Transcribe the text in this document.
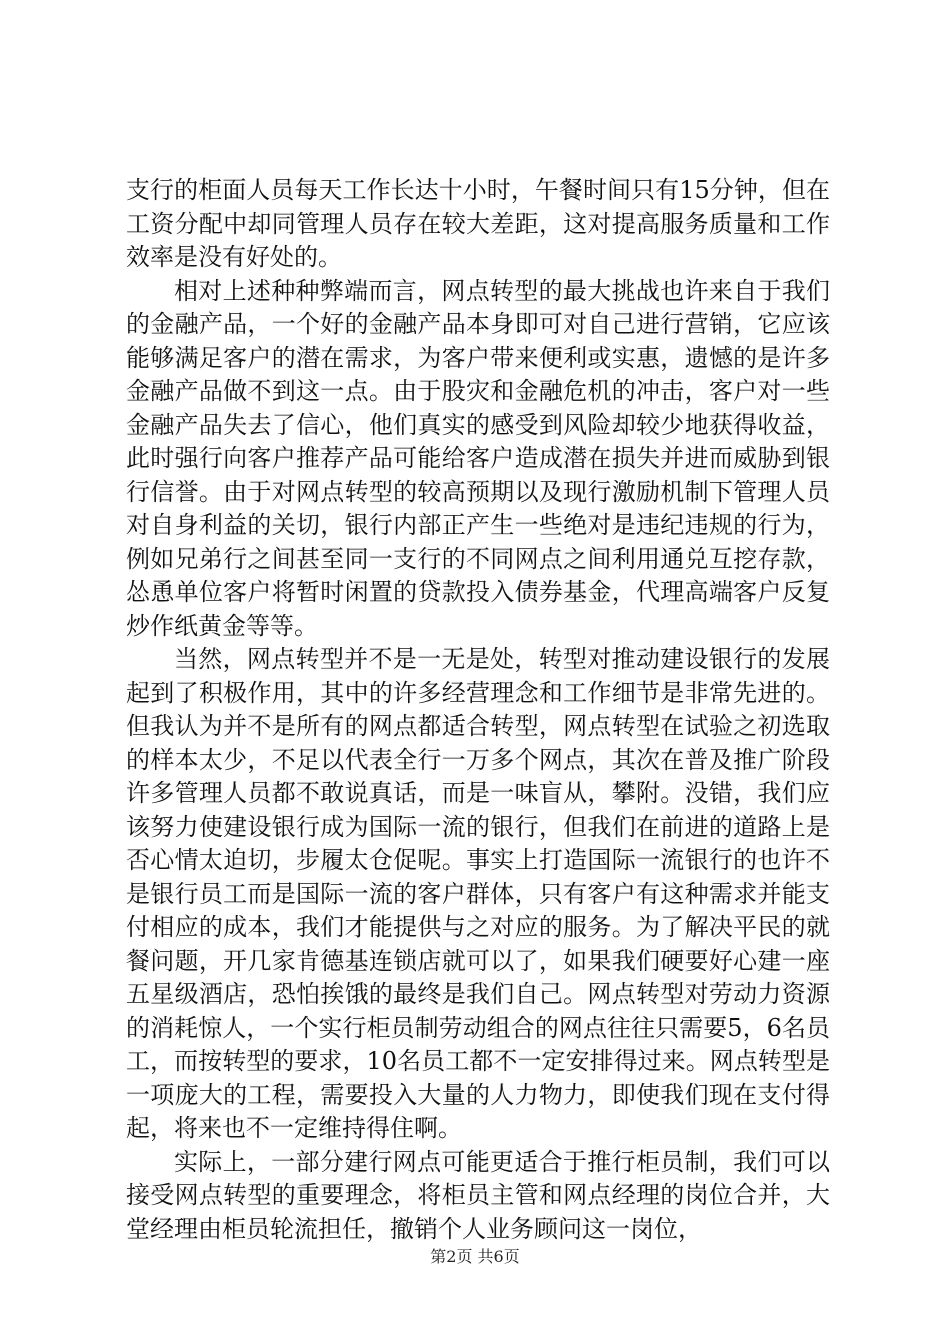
支行的柜面人员每天工作长达十小时，午餐时间只有15分钟，但在工资分配中却同管理人员存在较大差距，这对提高服务质量和工作效率是没有好处的。

相对上述种种弊端而言，网点转型的最大挑战也许来自于我们的金融产品，一个好的金融产品本身即可对自己进行营销，它应该能够满足客户的潜在需求，为客户带来便利或实惠，遗憾的是许多金融产品做不到这一点。由于股灾和金融危机的冲击，客户对一些金融产品失去了信心，他们真实的感受到风险却较少地获得收益，此时强行向客户推荐产品可能给客户造成潜在损失并进而威胁到银行信誉。由于对网点转型的较高预期以及现行激励机制下管理人员对自身利益的关切，银行内部正产生一些绝对是违纪违规的行为，例如兄弟行之间甚至同一支行的不同网点之间利用通兑互挖存款，怂恿单位客户将暂时闲置的贷款投入债券基金，代理高端客户反复炒作纸黄金等等。

当然，网点转型并不是一无是处，转型对推动建设银行的发展起到了积极作用，其中的许多经营理念和工作细节是非常先进的。但我认为并不是所有的网点都适合转型，网点转型在试验之初选取的样本太少，不足以代表全行一万多个网点，其次在普及推广阶段许多管理人员都不敢说真话，而是一味盲从，攀附。没错，我们应该努力使建设银行成为国际一流的银行，但我们在前进的道路上是否心情太迫切，步履太仓促呢。事实上打造国际一流银行的也许不是银行员工而是国际一流的客户群体，只有客户有这种需求并能支付相应的成本，我们才能提供与之对应的服务。为了解决平民的就餐问题，开几家肯德基连锁店就可以了，如果我们硬要好心建一座五星级酒店，恐怕挨饿的最终是我们自己。网点转型对劳动力资源的消耗惊人，一个实行柜员制劳动组合的网点往往只需要5，6名员工，而按转型的要求，10名员工都不一定安排得过来。网点转型是一项庞大的工程，需要投入大量的人力物力，即使我们现在支付得起，将来也不一定维持得住啊。

实际上，一部分建行网点可能更适合于推行柜员制，我们可以接受网点转型的重要理念，将柜员主管和网点经理的岗位合并，大堂经理由柜员轮流担任，撤销个人业务顾问这一岗位，

第2页 共6页
